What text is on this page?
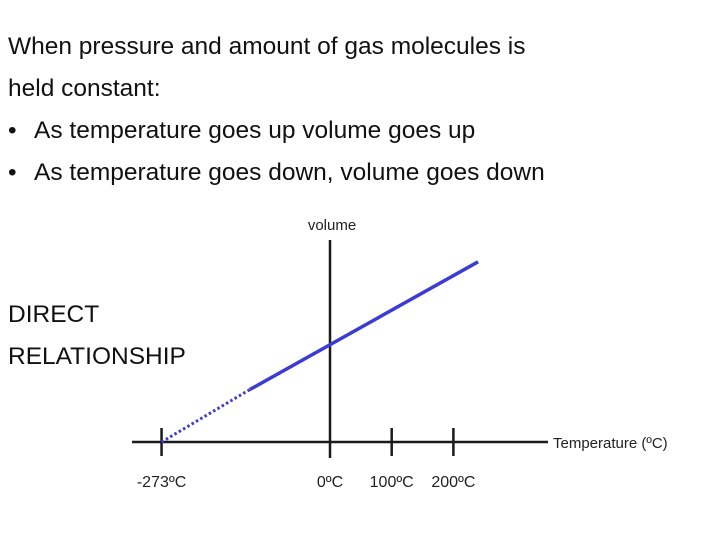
When pressure and amount of gas molecules is
held constant:
• As temperature goes up volume goes up
• As temperature goes down, volume goes down
DIRECT
RELATIONSHIP
volume
Temperature (ºC)
-273ºC	0ºC 100ºC 200ºC
